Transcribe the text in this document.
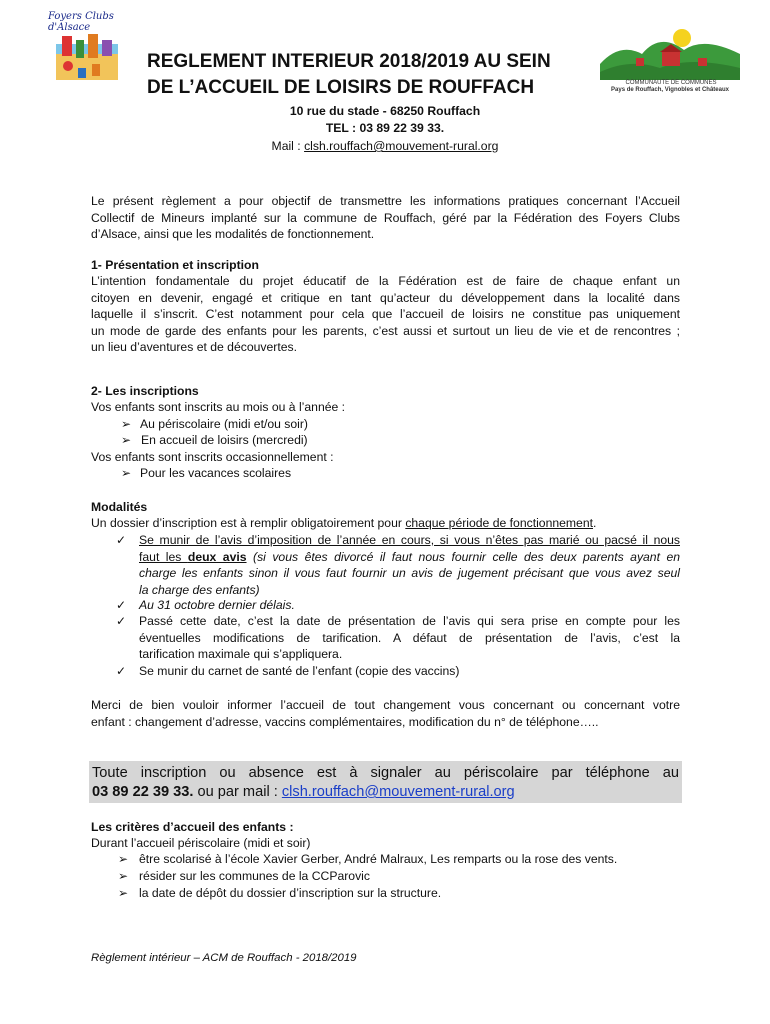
Foyers Clubs d'Alsace
COMMUNAUTE DE COMMUNES
Pays de Rouffach, Vignobles et Châteaux
REGLEMENT INTERIEUR 2018/2019 AU SEIN
DE L’ACCUEIL DE LOISIRS DE ROUFFACH
10 rue du stade - 68250 Rouffach
TEL : 03 89 22 39 33.
Mail : clsh.rouffach@mouvement-rural.org
Le présent règlement a pour objectif de transmettre les informations pratiques concernant l’Accueil
Collectif de Mineurs implanté sur la commune de Rouffach, géré par la Fédération des Foyers Clubs
d’Alsace, ainsi que les modalités de fonctionnement.
1- Présentation et inscription
L’intention fondamentale du projet éducatif de la Fédération est de faire de chaque enfant un
citoyen en devenir, engagé et critique en tant qu’acteur du développement dans la localité dans
laquelle il s’inscrit. C’est notamment pour cela que l’accueil de loisirs ne constitue pas uniquement
un mode de garde des enfants pour les parents, c’est aussi et surtout un lieu de vie et de rencontres ;
un lieu d’aventures et de découvertes.
2- Les inscriptions
Vos enfants sont inscrits au mois ou à l’année :
➢ Au périscolaire (midi et/ou soir)
➢ En accueil de loisirs (mercredi)
Vos enfants sont inscrits occasionnellement :
➢ Pour les vacances scolaires
Modalités
Un dossier d’inscription est à remplir obligatoirement pour chaque période de fonctionnement.
✓ Se munir de l’avis d’imposition de l’année en cours, si vous n’êtes pas marié ou pacsé il nous
faut les deux avis (si vous êtes divorcé il faut nous fournir celle des deux parents ayant en
charge les enfants sinon il vous faut fournir un avis de jugement précisant que vous avez seul
la charge des enfants)
✓ Au 31 octobre dernier délais.
✓ Passé cette date, c’est la date de présentation de l’avis qui sera prise en compte pour les
éventuelles modifications de tarification. A défaut de présentation de l’avis, c’est la
tarification maximale qui s’appliquera.
✓ Se munir du carnet de santé de l’enfant (copie des vaccins)
Merci de bien vouloir informer l’accueil de tout changement vous concernant ou concernant votre
enfant : changement d’adresse, vaccins complémentaires, modification du n° de téléphone…..
Toute inscription ou absence est à signaler au périscolaire par téléphone au
03 89 22 39 33. ou par mail : clsh.rouffach@mouvement-rural.org
Les critères d’accueil des enfants :
Durant l’accueil périscolaire (midi et soir)
➢ être scolarisé à l’école Xavier Gerber, André Malraux, Les remparts ou la rose des vents.
➢ résider sur les communes de la CCParovic
➢ la date de dépôt du dossier d’inscription sur la structure.
Règlement intérieur – ACM de Rouffach - 2018/2019
